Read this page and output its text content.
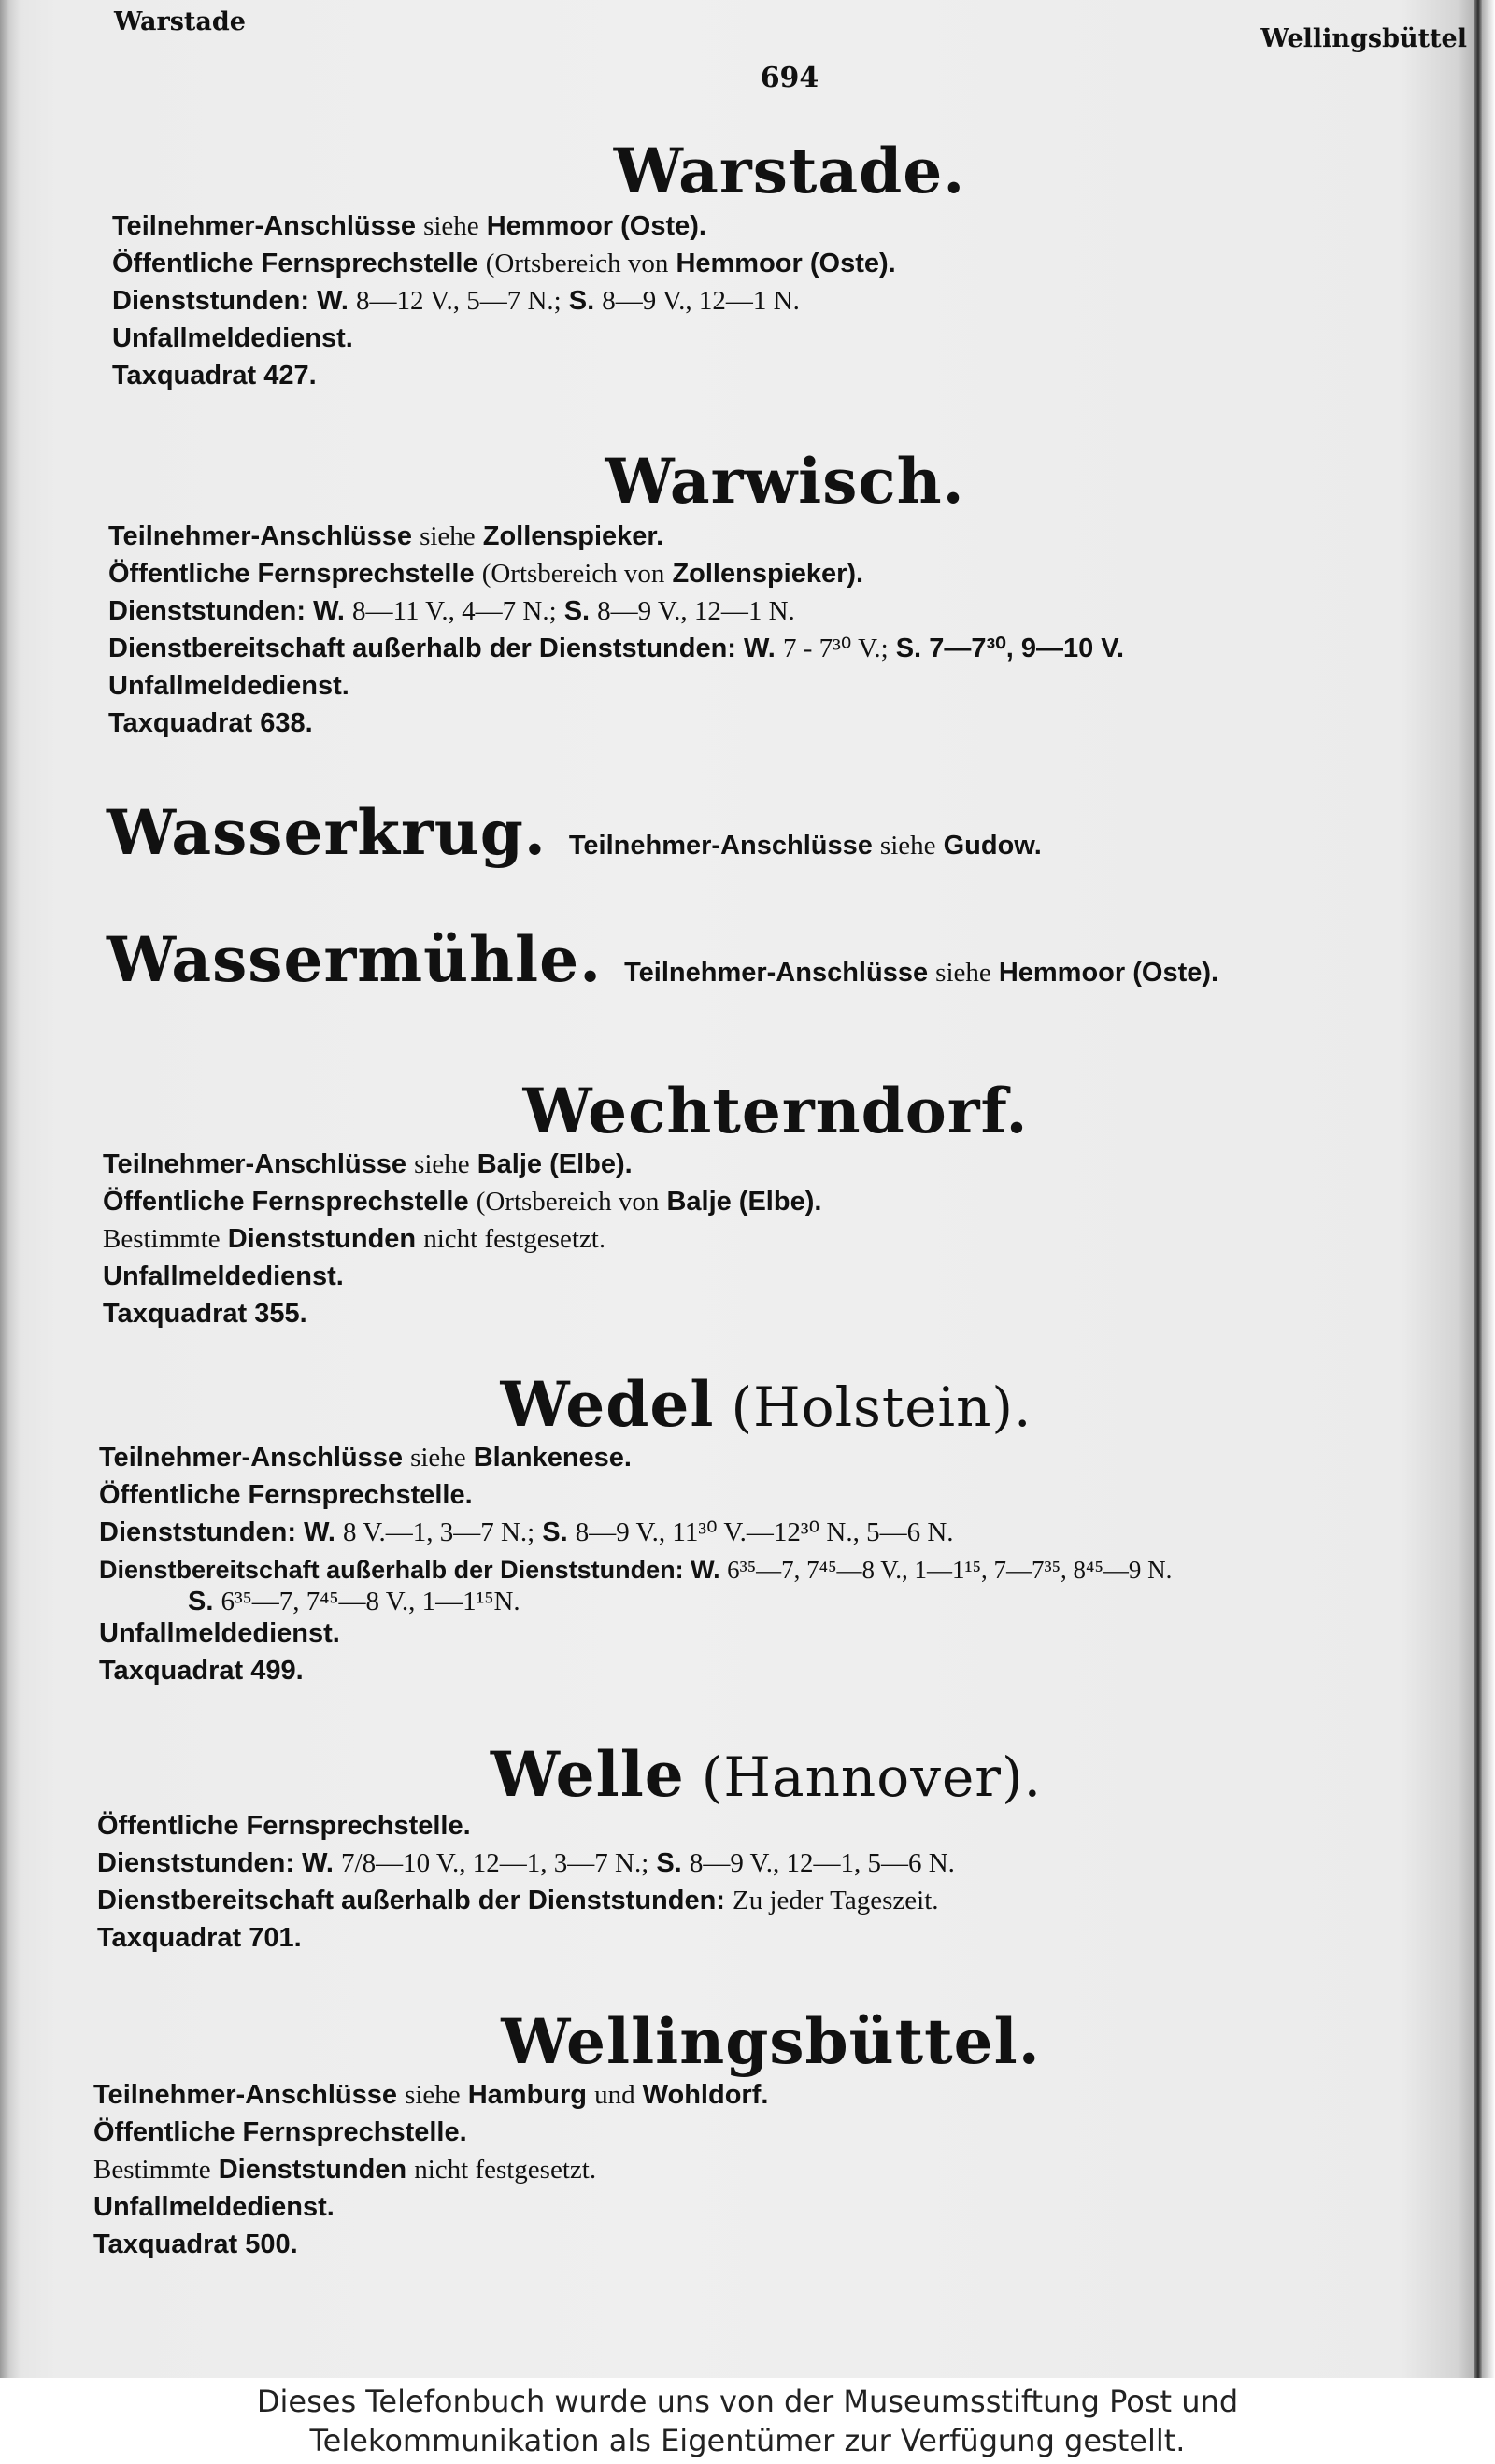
Warstade
Wellingsbüttel
694
Warstade.
Teilnehmer-Anschlüsse siehe Hemmoor (Oste).
Öffentliche Fernsprechstelle (Ortsbereich von Hemmoor (Oste).
Dienststunden: W. 8—12 V., 5—7 N.; S. 8—9 V., 12—1 N.
Unfallmeldedienst.
Taxquadrat 427.
Warwisch.
Teilnehmer-Anschlüsse siehe Zollenspieker.
Öffentliche Fernsprechstelle (Ortsbereich von Zollenspieker).
Dienststunden: W. 8—11 V., 4—7 N.; S. 8—9 V., 12—1 N.
Dienstbereitschaft außerhalb der Dienststunden: W. 7 - 7³⁰ V.; S. 7—7³⁰, 9—10 V.
Unfallmeldedienst.
Taxquadrat 638.
Wasserkrug. Teilnehmer-Anschlüsse siehe Gudow.
Wassermühle. Teilnehmer-Anschlüsse siehe Hemmoor (Oste).
Wechterndorf.
Teilnehmer-Anschlüsse siehe Balje (Elbe).
Öffentliche Fernsprechstelle (Ortsbereich von Balje (Elbe).
Bestimmte Dienststunden nicht festgesetzt.
Unfallmeldedienst.
Taxquadrat 355.
Wedel (Holstein).
Teilnehmer-Anschlüsse siehe Blankenese.
Öffentliche Fernsprechstelle.
Dienststunden: W. 8 V.—1, 3—7 N.; S. 8—9 V., 11³⁰ V.—12³⁰ N., 5—6 N.
Dienstbereitschaft außerhalb der Dienststunden: W. 6³⁵—7, 7⁴⁵—8 V., 1—1¹⁵, 7—7³⁵, 8⁴⁵—9 N.
S. 6³⁵—7, 7⁴⁵—8 V., 1—1¹⁵N.
Unfallmeldedienst.
Taxquadrat 499.
Welle (Hannover).
Öffentliche Fernsprechstelle.
Dienststunden: W. 7/8—10 V., 12—1, 3—7 N.; S. 8—9 V., 12—1, 5—6 N.
Dienstbereitschaft außerhalb der Dienststunden: Zu jeder Tageszeit.
Taxquadrat 701.
Wellingsbüttel.
Teilnehmer-Anschlüsse siehe Hamburg und Wohldorf.
Öffentliche Fernsprechstelle.
Bestimmte Dienststunden nicht festgesetzt.
Unfallmeldedienst.
Taxquadrat 500.
Dieses Telefonbuch wurde uns von der Museumsstiftung Post und
Telekommunikation als Eigentümer zur Verfügung gestellt.
